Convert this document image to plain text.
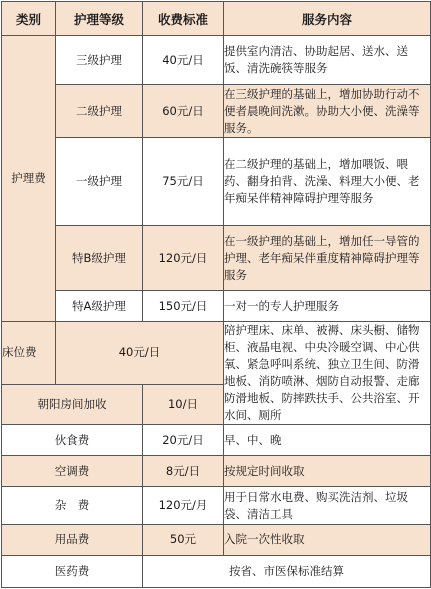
类别	护理等级	收费标准	服务内容
护理费	三级护理	40元/日	提供室内清洁、协助起居、送水、送饭、清洗碗筷等服务
	二级护理	60元/日	在三级护理的基础上，增加协助行动不便者晨晚间洗漱。协助大小便、洗澡等服务。
	一级护理	75元/日	在二级护理的基础上，增加喂饭、喂药、翻身拍背、洗澡、料理大小便、老年痴呆伴精神障碍护理等服务
	特B级护理	120元/日	在一级护理的基础上，增加任一导管的护理、老年痴呆伴重度精神障碍护理等服务
	特A级护理	150元/日	一对一的专人护理服务
床位费	40元/日		陪护理床、床单、被褥、床头橱、储物柜、液晶电视、中央冷暖空调、中心供氧、紧急呼叫系统、独立卫生间、防滑地板、消防喷淋、烟防自动报警、走廊防滑地板、防摔跌扶手、公共浴室、开水间、厕所
朝阳房间加收		10/日	
伙食费		20元/日	早、中、晚
空调费		8元/日	按规定时间收取
杂　费		120元/月	用于日常水电费、购买洗洁剂、垃圾袋、清洁工具
用品费		50元	入院一次性收取
医药费		按省、市医保标准结算	
